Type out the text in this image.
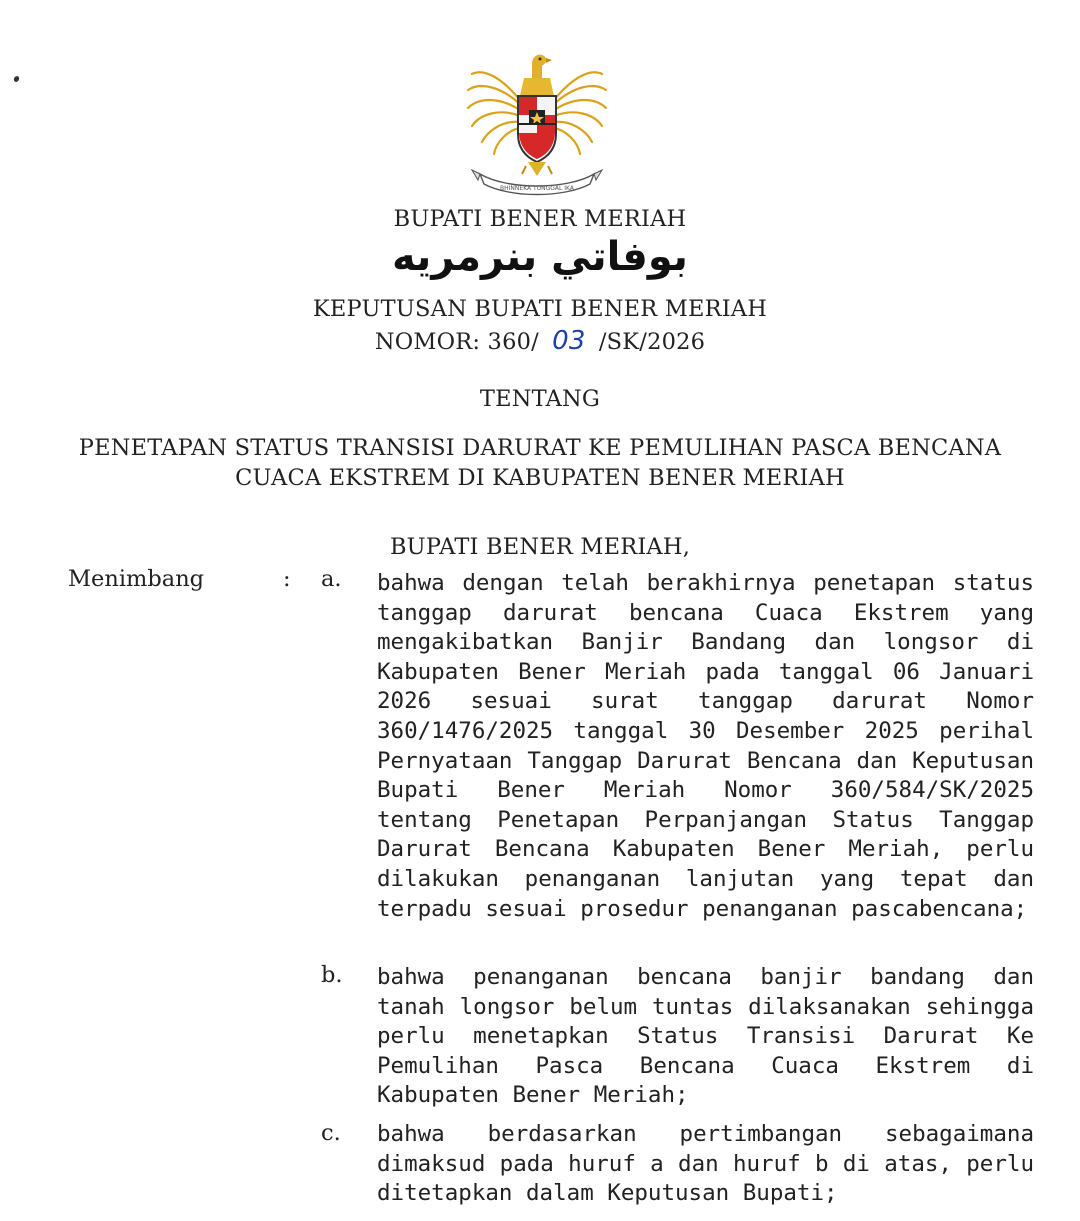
BHINNEKA TUNGGAL IKA
BUPATI BENER MERIAH
بوفاتي بنرمريه
KEPUTUSAN BUPATI BENER MERIAH
NOMOR: 360/ 03 /SK/2026
TENTANG
PENETAPAN STATUS TRANSISI DARURAT KE PEMULIHAN PASCA BENCANA
CUACA EKSTREM DI KABUPATEN BENER MERIAH
BUPATI BENER MERIAH,
Menimbang	: a. bahwa dengan telah berakhirnya penetapan status tanggap darurat bencana Cuaca Ekstrem yang mengakibatkan Banjir Bandang dan longsor di Kabupaten Bener Meriah pada tanggal 06 Januari 2026 sesuai surat tanggap darurat Nomor 360/1476/2025 tanggal 30 Desember 2025 perihal Pernyataan Tanggap Darurat Bencana dan Keputusan Bupati Bener Meriah Nomor 360/584/SK/2025 tentang Penetapan Perpanjangan Status Tanggap Darurat Bencana Kabupaten Bener Meriah, perlu dilakukan penanganan lanjutan yang tepat dan terpadu sesuai prosedur penanganan pascabencana;
b. bahwa penanganan bencana banjir bandang dan tanah longsor belum tuntas dilaksanakan sehingga perlu menetapkan Status Transisi Darurat Ke Pemulihan Pasca Bencana Cuaca Ekstrem di Kabupaten Bener Meriah;
c. bahwa berdasarkan pertimbangan sebagaimana dimaksud pada huruf a dan huruf b di atas, perlu ditetapkan dalam Keputusan Bupati;
